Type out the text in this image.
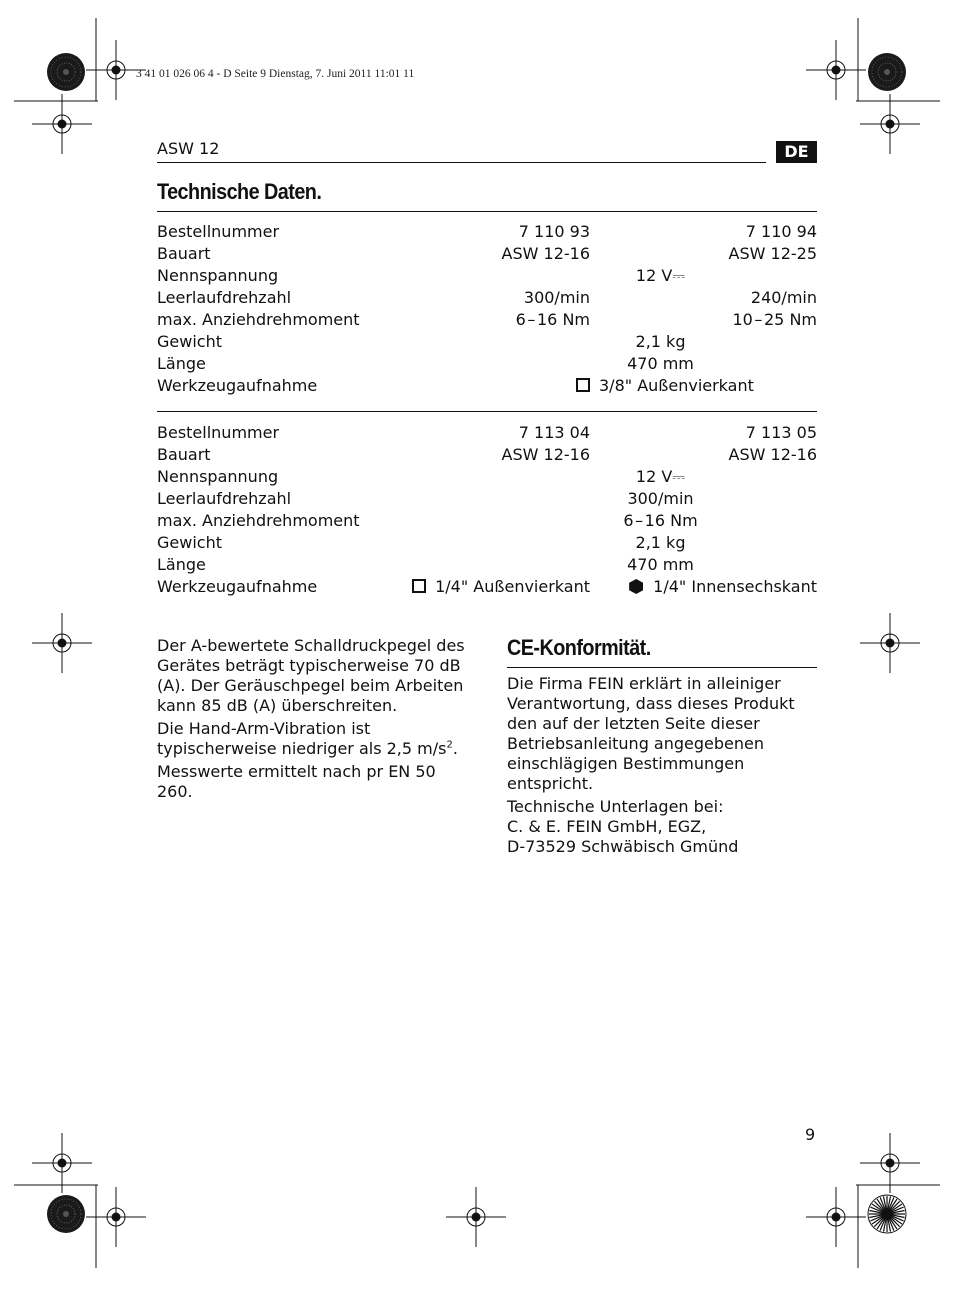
3 41 01 026 06 4 - D Seite 9 Dienstag, 7. Juni 2011 11:01 11
ASW 12	DE
Technische Daten.
Bestellnummer	7 110 93	7 110 94
Bauart	ASW 12-16	ASW 12-25
Nennspannung	12 V⎓
Leerlaufdrehzahl	300/min	240/min
max. Anziehdrehmoment	6 – 16 Nm	10 – 25 Nm
Gewicht	2,1 kg
Länge	470 mm
Werkzeugaufnahme	3/8" Außenvierkant
Bestellnummer	7 113 04	7 113 05
Bauart	ASW 12-16	ASW 12-16
Nennspannung	12 V⎓
Leerlaufdrehzahl	300/min
max. Anziehdrehmoment	6 – 16 Nm
Gewicht	2,1 kg
Länge	470 mm
Werkzeugaufnahme	1/4" Außenvierkant	1/4" Innensechskant

Der A-bewertete Schalldruckpegel des Gerätes beträgt typischerweise 70 dB (A). Der Geräuschpegel beim Arbeiten kann 85 dB (A) überschreiten.

Die Hand-Arm-Vibration ist typischerweise niedriger als 2,5 $m/s^2$.

Messwerte ermittelt nach pr EN 50 260.

CE-Konformität.

Die Firma FEIN erklärt in alleiniger Verantwortung, dass dieses Produkt den auf der letzten Seite dieser Betriebsanleitung angegebenen einschlägigen Bestimmungen entspricht.

Technische Unterlagen bei:
C. & E. FEIN GmbH, EGZ,
D-73529 Schwäbisch Gmünd

9
